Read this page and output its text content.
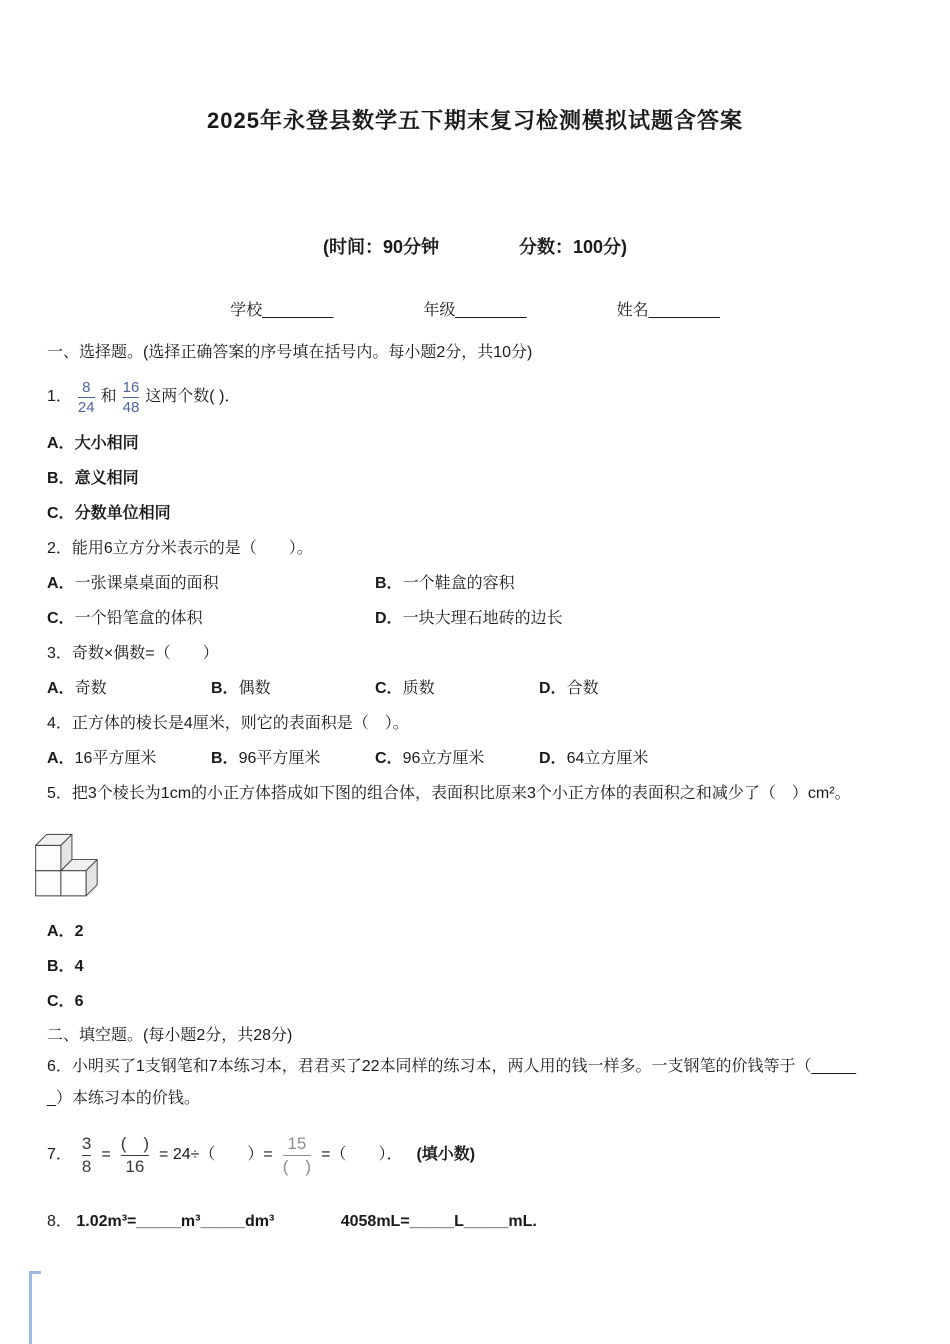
2025年永登县数学五下期末复习检测模拟试题含答案
(时间：90分钟	分数：100分)
学校________	年级________	姓名________
一、选择题。(选择正确答案的序号填在括号内。每小题2分，共10分)
1． $\frac{8}{24}$ 和 $\frac{16}{48}$ 这两个数( )．
A．大小相同
B．意义相同
C．分数单位相同
2．能用6立方分米表示的是（　　）。
A．一张课桌桌面的面积	B．一个鞋盒的容积
C．一个铅笔盒的体积	D．一块大理石地砖的边长
3．奇数×偶数=（　　）
A．奇数	B．偶数	C．质数	D．合数
4．正方体的棱长是4厘米，则它的表面积是（　）。
A．16平方厘米	B．96平方厘米	C．96立方厘米	D．64立方厘米
5．把3个棱长为1cm的小正方体搭成如下图的组合体，表面积比原来3个小正方体的表面积之和减少了（　）cm²。
A．2
B．4
C．6
二、填空题。(每小题2分，共28分)
6．小明买了1支钢笔和7本练习本，君君买了22本同样的练习本，两人用的钱一样多。一支钢笔的价钱等于（_____
_）本练习本的价钱。
7． $\frac{3}{8} = \frac{( )}{16} = 24\div$（　　）= $\frac{15}{( )}$ =（　　）． (填小数)
8． 1.02m³=_____m³_____dm³	4058mL=_____L_____mL.
